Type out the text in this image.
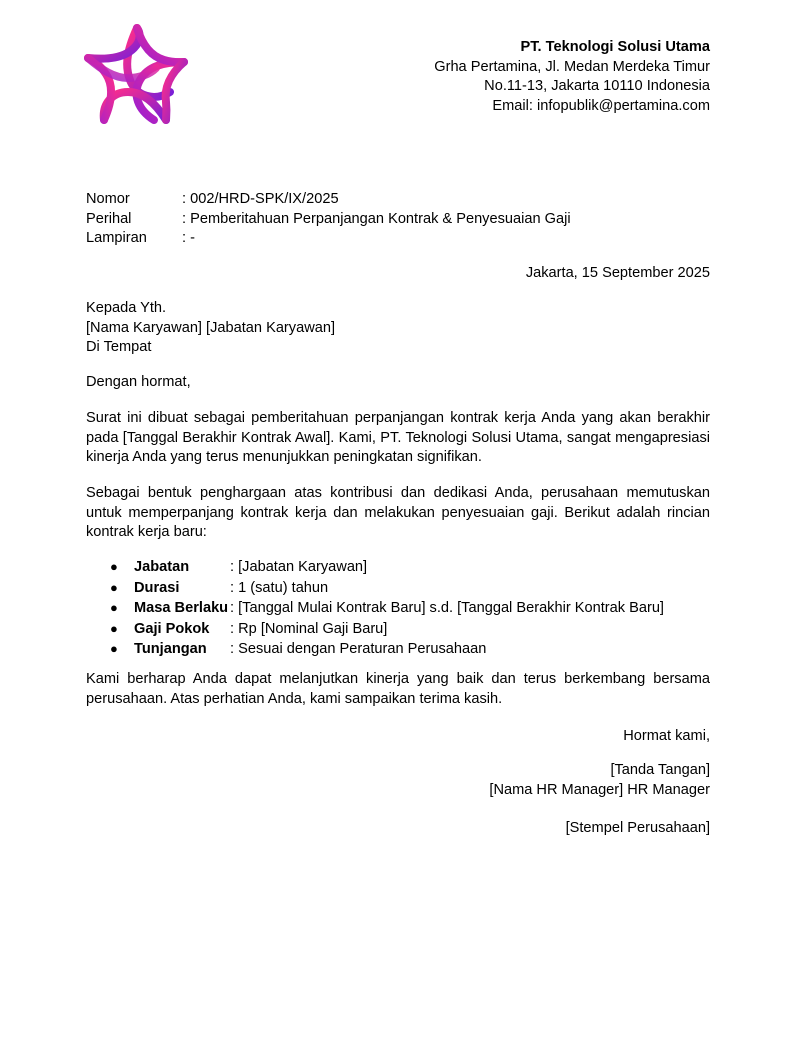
PT. Teknologi Solusi Utama
Grha Pertamina, Jl. Medan Merdeka Timur
No.11-13, Jakarta 10110 Indonesia
Email: infopublik@pertamina.com
Nomor	: 002/HRD-SPK/IX/2025
Perihal	: Pemberitahuan Perpanjangan Kontrak & Penyesuaian Gaji
Lampiran	: -
Jakarta, 15 September 2025
Kepada Yth.
[Nama Karyawan] [Jabatan Karyawan]
Di Tempat
Dengan hormat,
Surat ini dibuat sebagai pemberitahuan perpanjangan kontrak kerja Anda yang akan berakhir pada [Tanggal Berakhir Kontrak Awal]. Kami, PT. Teknologi Solusi Utama, sangat mengapresiasi kinerja Anda yang terus menunjukkan peningkatan signifikan.
Sebagai bentuk penghargaan atas kontribusi dan dedikasi Anda, perusahaan memutuskan untuk memperpanjang kontrak kerja dan melakukan penyesuaian gaji. Berikut adalah rincian kontrak kerja baru:
●	Jabatan	: [Jabatan Karyawan]
●	Durasi	: 1 (satu) tahun
●	Masa Berlaku : [Tanggal Mulai Kontrak Baru] s.d. [Tanggal Berakhir Kontrak Baru]
●	Gaji Pokok	: Rp [Nominal Gaji Baru]
●	Tunjangan	: Sesuai dengan Peraturan Perusahaan
Kami berharap Anda dapat melanjutkan kinerja yang baik dan terus berkembang bersama perusahaan. Atas perhatian Anda, kami sampaikan terima kasih.
Hormat kami,
[Tanda Tangan]
[Nama HR Manager] HR Manager
[Stempel Perusahaan]
